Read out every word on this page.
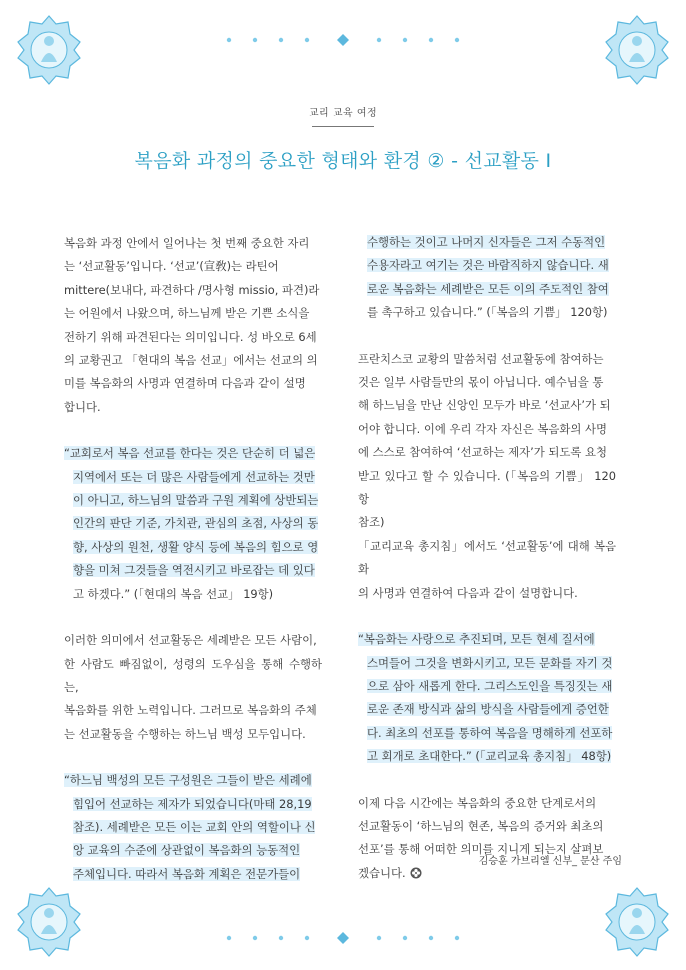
교리 교육 여정
복음화 과정의 중요한 형태와 환경 ② - 선교활동 Ⅰ

복음화 과정 안에서 일어나는 첫 번째 중요한 자리

는 ‘선교활동’입니다. ‘선교’(宣敎)는 라틴어

mittere(보내다, 파견하다 /명사형 missio, 파견)라

는 어원에서 나왔으며, 하느님께 받은 기쁜 소식을

전하기 위해 파견된다는 의미입니다. 성 바오로 6세

의 교황권고 「현대의 복음 선교」에서는 선교의 의

미를 복음화의 사명과 연결하며 다음과 같이 설명

합니다.

“교회로서 복음 선교를 한다는 것은 단순히 더 넓은

지역에서 또는 더 많은 사람들에게 선교하는 것만

이 아니고, 하느님의 말씀과 구원 계획에 상반되는

인간의 판단 기준, 가치관, 관심의 초점, 사상의 동

향, 사상의 원천, 생활 양식 등에 복음의 힘으로 영

향을 미쳐 그것들을 역전시키고 바로잡는 데 있다

고 하겠다.” (「현대의 복음 선교」 19항)

이러한 의미에서 선교활동은 세례받은 모든 사람이,

한 사람도 빠짐없이, 성령의 도우심을 통해 수행하는,

복음화를 위한 노력입니다. 그러므로 복음화의 주체

는 선교활동을 수행하는 하느님 백성 모두입니다.

“하느님 백성의 모든 구성원은 그들이 받은 세례에

힘입어 선교하는 제자가 되었습니다(마태 28,19

참조). 세례받은 모든 이는 교회 안의 역할이나 신

앙 교육의 수준에 상관없이 복음화의 능동적인

주체입니다. 따라서 복음화 계획은 전문가들이

수행하는 것이고 나머지 신자들은 그저 수동적인

수용자라고 여기는 것은 바람직하지 않습니다. 새

로운 복음화는 세례받은 모든 이의 주도적인 참여

를 촉구하고 있습니다.” (「복음의 기쁨」 120항)

프란치스코 교황의 말씀처럼 선교활동에 참여하는

것은 일부 사람들만의 몫이 아닙니다. 예수님을 통

해 하느님을 만난 신앙인 모두가 바로 ‘선교사’가 되

어야 합니다. 이에 우리 각자 자신은 복음화의 사명

에 스스로 참여하여 ‘선교하는 제자’가 되도록 요청

받고 있다고 할 수 있습니다. (「복음의 기쁨」 120항

참조)

「교리교육 총지침」에서도 ‘선교활동’에 대해 복음화

의 사명과 연결하여 다음과 같이 설명합니다.

“복음화는 사랑으로 추진되며, 모든 현세 질서에

스며들어 그것을 변화시키고, 모든 문화를 자기 것

으로 삼아 새롭게 한다. 그리스도인을 특징짓는 새

로운 존재 방식과 삶의 방식을 사람들에게 증언한

다. 최초의 선포를 통하여 복음을 명해하게 선포하

고 회개로 초대한다.” (「교리교육 총지침」 48항)

이제 다음 시간에는 복음화의 중요한 단계로서의

선교활동이 ‘하느님의 현존, 복음의 증거와 최초의

선포’를 통해 어떠한 의미를 지니게 되는지 살펴보

겠습니다.

김승훈 가브리엘 신부_ 문산 주임
